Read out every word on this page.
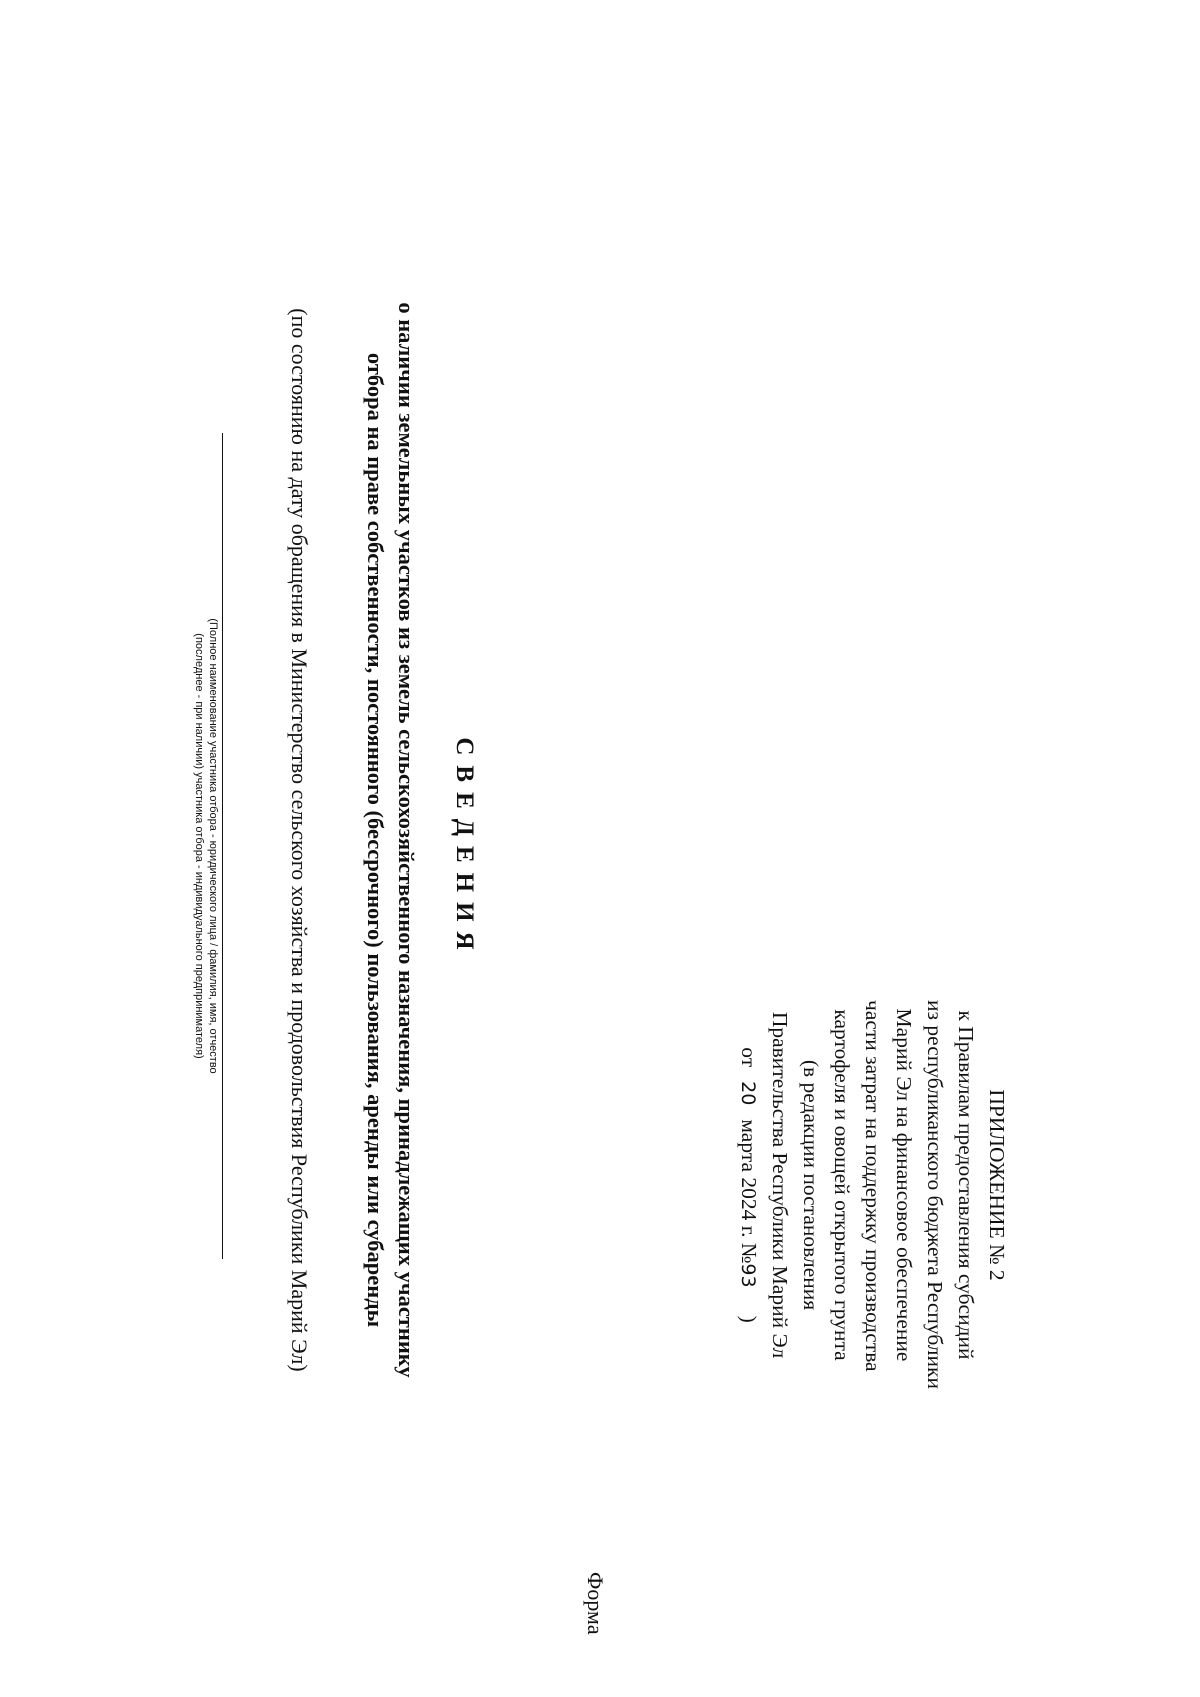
ПРИЛОЖЕНИЕ № 2
к Правилам предоставления субсидий
из республиканского бюджета Республики
Марий Эл на финансовое обеспечение
части затрат на поддержку производства
картофеля и овощей открытого грунта
(в редакции постановления
Правительства Республики Марий Эл
от20марта 2024 г. №93)
Форма
СВЕДЕНИЯ
о наличии земельных участков из земель сельскохозяйственного назначения, принадлежащих участнику
отбора на праве собственности, постоянного (бессрочного) пользования, аренды или субаренды
(по состоянию на дату обращения в Министерство сельского хозяйства и продовольствия Республики Марий Эл)
(Полное наименование участника отбора - юридического лица / фамилия, имя, отчество
(последнее - при наличии) участника отбора - индивидуального предпринимателя)
